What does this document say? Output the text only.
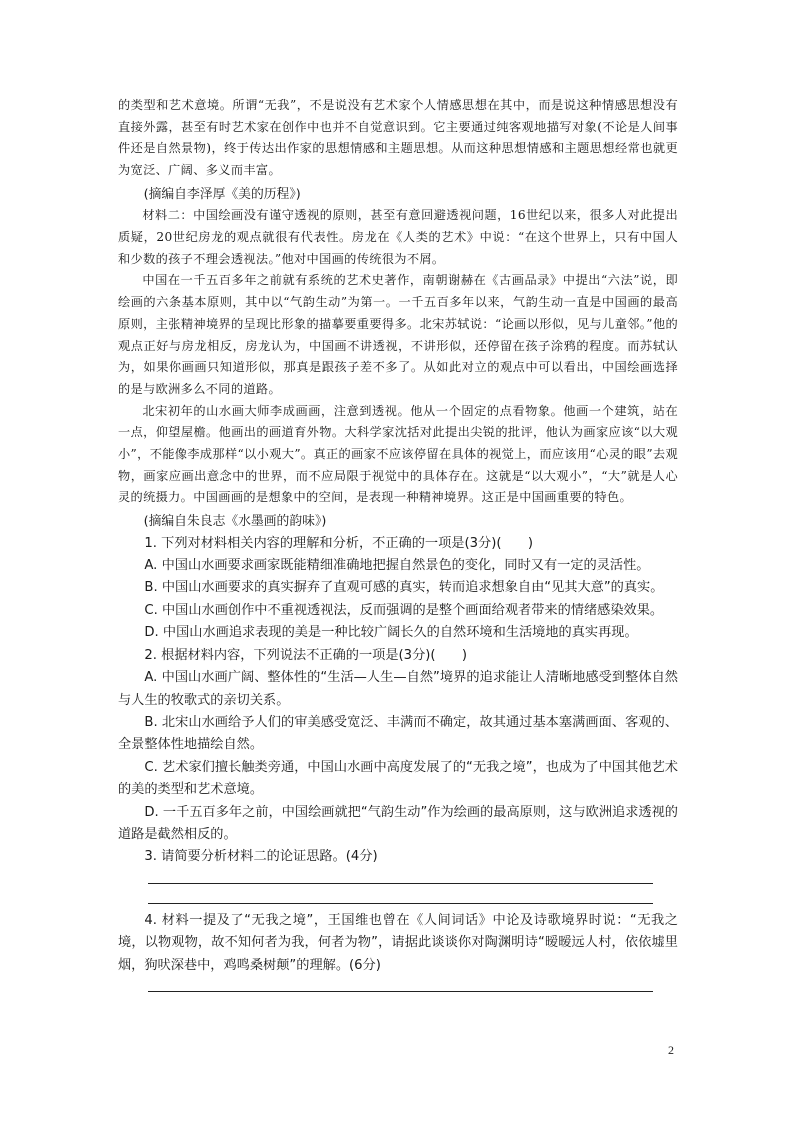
的类型和艺术意境。所谓“无我”，不是说没有艺术家个人情感思想在其中，而是说这种情感思想没有直接外露，甚至有时艺术家在创作中也并不自觉意识到。它主要通过纯客观地描写对象(不论是人间事件还是自然景物)，终于传达出作家的思想情感和主题思想。从而这种思想情感和主题思想经常也就更为宽泛、广阔、多义而丰富。

(摘编自李泽厚《美的历程》)

材料二：中国绘画没有谨守透视的原则，甚至有意回避透视问题，16世纪以来，很多人对此提出质疑，20世纪房龙的观点就很有代表性。房龙在《人类的艺术》中说：“在这个世界上，只有中国人和少数的孩子不理会透视法。”他对中国画的传统很为不屑。

中国在一千五百多年之前就有系统的艺术史著作，南朝谢赫在《古画品录》中提出“六法”说，即绘画的六条基本原则，其中以“气韵生动”为第一。一千五百多年以来，气韵生动一直是中国画的最高原则，主张精神境界的呈现比形象的描摹要重要得多。北宋苏轼说：“论画以形似，见与儿童邻。”他的观点正好与房龙相反，房龙认为，中国画不讲透视，不讲形似，还停留在孩子涂鸦的程度。而苏轼认为，如果你画画只知道形似，那真是跟孩子差不多了。从如此对立的观点中可以看出，中国绘画选择的是与欧洲多么不同的道路。

北宋初年的山水画大师李成画画，注意到透视。他从一个固定的点看物象。他画一个建筑，站在一点，仰望屋檐。他画出的画道育外物。大科学家沈括对此提出尖锐的批评，他认为画家应该“以大观小”，不能像李成那样“以小观大”。真正的画家不应该停留在具体的视觉上，而应该用“心灵的眼”去观物，画家应画出意念中的世界，而不应局限于视觉中的具体存在。这就是“以大观小”，“大”就是人心灵的统摄力。中国画画的是想象中的空间，是表现一种精神境界。这正是中国画重要的特色。

(摘编自朱良志《水墨画的韵味》)

1. 下列对材料相关内容的理解和分析，不正确的一项是(3分)(　　)

A. 中国山水画要求画家既能精细准确地把握自然景色的变化，同时又有一定的灵活性。

B. 中国山水画要求的真实摒弃了直观可感的真实，转而追求想象自由“见其大意”的真实。

C. 中国山水画创作中不重视透视法，反而强调的是整个画面给观者带来的情绪感染效果。

D. 中国山水画追求表现的美是一种比较广阔长久的自然环境和生活境地的真实再现。

2. 根据材料内容，下列说法不正确的一项是(3分)(　　)

A. 中国山水画广阔、整体性的“生活—人生—自然”境界的追求能让人清晰地感受到整体自然与人生的牧歌式的亲切关系。

B. 北宋山水画给予人们的审美感受宽泛、丰满而不确定，故其通过基本塞满画面、客观的、全景整体性地描绘自然。

C. 艺术家们擅长触类旁通，中国山水画中高度发展了的“无我之境”，也成为了中国其他艺术的美的类型和艺术意境。

D. 一千五百多年之前，中国绘画就把“气韵生动”作为绘画的最高原则，这与欧洲追求透视的道路是截然相反的。

3. 请简要分析材料二的论证思路。(4分)

4. 材料一提及了“无我之境”，王国维也曾在《人间词话》中论及诗歌境界时说：“无我之境，以物观物，故不知何者为我，何者为物”，请据此谈谈你对陶渊明诗“暧暧远人村，依依墟里烟，狗吠深巷中，鸡鸣桑树颠”的理解。(6分)

2
